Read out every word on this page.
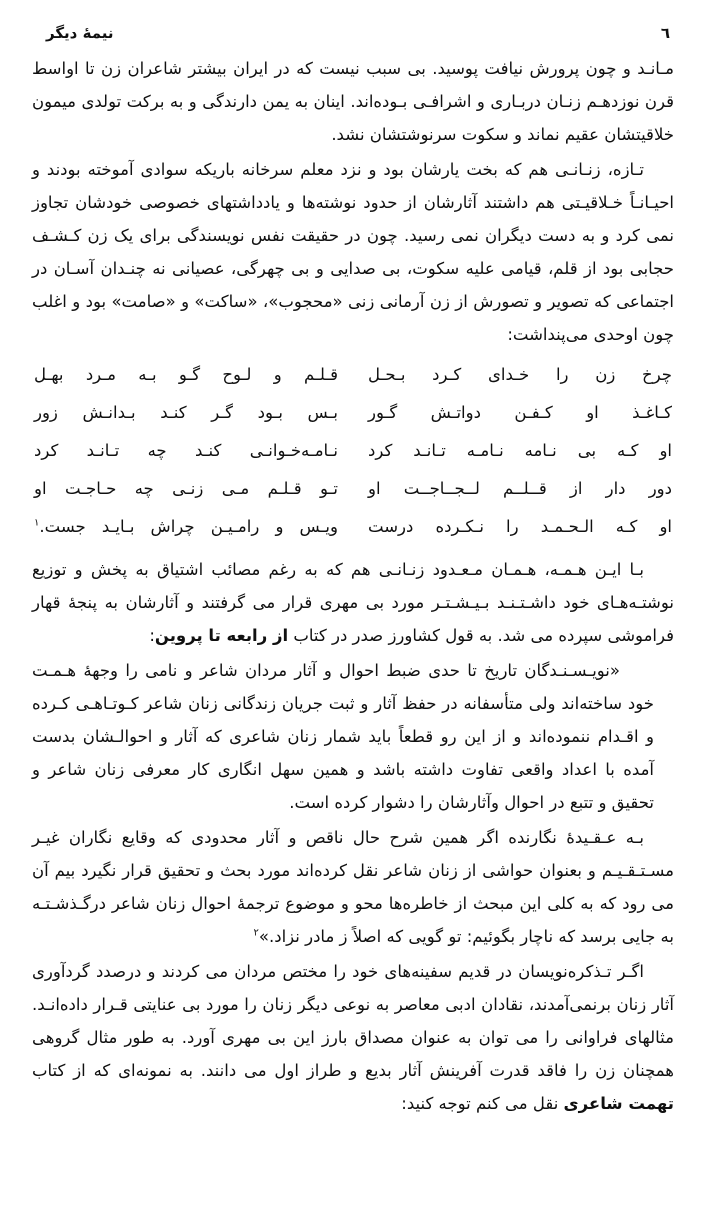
نيمهٔ ديگر	٦

مـانـد و چون پرورش نيافت پوسيد. بی سبب نيست که در ايران بيشتر شاعران زن تا اواسط قرن نوزدهـم زنـان دربـاری و اشرافـی بـوده‌اند. اينان به يمن دارندگی و به برکت تولدی ميمون خلاقيتشان عقيم نماند و سکوت سرنوشتشان نشد.

تـازه، زنـانـی هم که بخت يارشان بود و نزد معلم سرخانه باريکه سوادی آموخته بودند و احيـانـاً خـلاقيـتی هم داشتند آثارشان از حدود نوشته‌ها و يادداشتهای خصوصی خودشان تجاوز نمی کرد و به دست ديگران نمی رسيد. چون در حقيقت نفس نويسندگی برای يک زن کـشـف حجابی بود از قلم، قيامی عليه سکوت، بی صدايی و بی چهرگی، عصيانی نه چنـدان آسـان در اجتماعی که تصوير و تصورش از زن آرمانی زنی «محجوب»، «ساکت» و «صامت» بود و اغلب چون اوحدی می‌پنداشت:

چرخ زن را خـدای کـرد بـحـل
قـلـم و لـوح گـو بـه مـرد بهـل
کـاغـذ او کـفـن دواتـش گـور
بـس بـود گـر کنـد بـدانـش زور
او کـه بی نـامه نـامـه تـانـد کرد
نـامـه‌خـوانـی کنـد چه تـانـد کرد
دور دار از قــلــم لــجــاجــت او
تـو قـلـم مـی زنـی چه حـاجـت او
او کـه الـحـمـد را نـکـرده درست
ويـس و رامـيـن چراش بـايـد جست.$^۱$

بـا ايـن هـمـه، هـمـان مـعـدود زنـانـی هم که به رغم مصائب اشتياق به پخش و توزيع نوشتـه‌هـای خود داشـتـنـد بـيـشـتـر مورد بی مهری قرار می گرفتند و آثارشان به پنجهٔ قهار فراموشی سپرده می شد. به قول کشاورز صدر در کتاب از رابعه تا پروين:

«نويـسـنـدگان تاريخ تا حدی ضبط احوال و آثار مردان شاعر و نامی را وجههٔ هـمـت خود ساخته‌اند ولی متأسفانه در حفظ آثار و ثبت جريان زندگانی زنان شاعر کـوتـاهـی کـرده و اقـدام ننموده‌اند و از اين رو قطعاً بايد شمار زنان شاعری که آثار و احوالـشان بدست آمده با اعداد واقعی تفاوت داشته باشد و همين سهل انگاری کار معرفی زنان شاعر و تحقيق و تتبع در احوال وآثارشان را دشوار کرده است.

بـه عـقـيدهٔ نگارنده اگر همين شرح حال ناقص و آثار محدودی که وقايع نگاران غيـر مسـتـقـيـم و بعنوان حواشی از زنان شاعر نقل کرده‌اند مورد بحث و تحقيق قرار نگيرد بيم آن می رود که به کلی اين مبحث از خاطره‌ها محو و موضوع ترجمهٔ احوال زنان شاعر درگـذشـتـه به جايی برسد که ناچار بگوئيم: تو گويی که اصلاً ز مادر نزاد.»$^۲$

اگـر تـذکره‌نويسان در قديم سفينه‌های خود را مختص مردان می کردند و درصدد گردآوری آثار زنان برنمی‌آمدند، نقادان ادبی معاصر به نوعی ديگر زنان را مورد بی عنايتی قـرار داده‌انـد. مثالهای فراوانی را می توان به عنوان مصداق بارز اين بی مهری آورد. به طور مثال گروهی همچنان زن را فاقد قدرت آفرينش آثار بديع و طراز اول می دانند. به نمونه‌ای که از کتاب تهمت شاعری نقل می کنم توجه کنيد:
